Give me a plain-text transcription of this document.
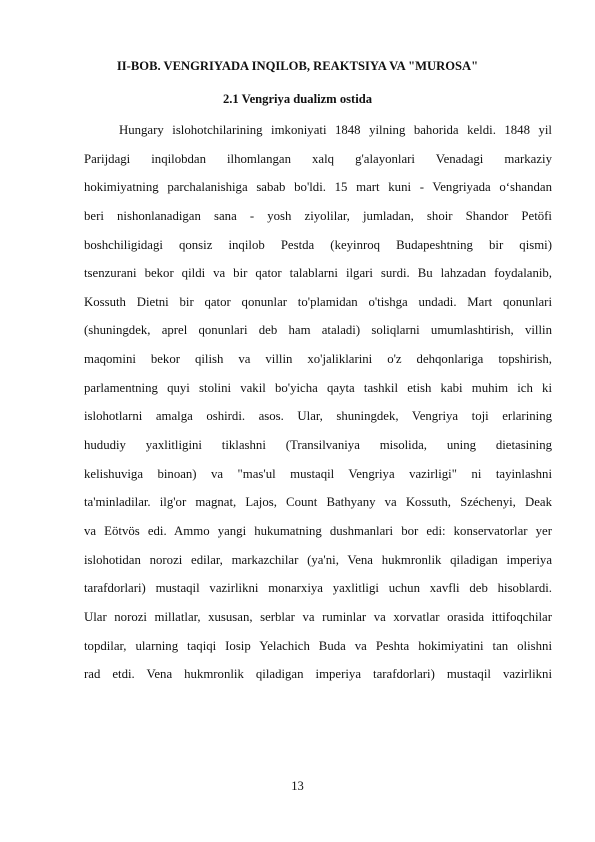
II-BOB. VENGRIYADA INQILOB, REAKTSIYA VA "MUROSA"
2.1 Vengriya dualizm ostida
Hungary islohotchilarining imkoniyati 1848 yilning bahorida keldi. 1848 yil
Parijdagi inqilobdan ilhomlangan xalq g'alayonlari Venadagi markaziy
hokimiyatning parchalanishiga sabab bo'ldi. 15 mart kuni - Vengriyada o‘shandan
beri nishonlanadigan sana - yosh ziyolilar, jumladan, shoir Shandor Petöfi
boshchiligidagi qonsiz inqilob Pestda (keyinroq Budapeshtning bir qismi)
tsenzurani bekor qildi va bir qator talablarni ilgari surdi. Bu lahzadan foydalanib,
Kossuth Dietni bir qator qonunlar to'plamidan o'tishga undadi. Mart qonunlari
(shuningdek, aprel qonunlari deb ham ataladi) soliqlarni umumlashtirish, villin
maqomini bekor qilish va villin xo'jaliklarini o'z dehqonlariga topshirish,
parlamentning quyi stolini vakil bo'yicha qayta tashkil etish kabi muhim ich ki
islohotlarni amalga oshirdi. asos. Ular, shuningdek, Vengriya toji erlarining
hududiy yaxlitligini tiklashni (Transilvaniya misolida, uning dietasining
kelishuviga binoan) va "mas'ul mustaqil Vengriya vazirligi" ni tayinlashni
ta'minladilar. ilg'or magnat, Lajos, Count Bathyany va Kossuth, Széchenyi, Deak
va Eötvös edi. Ammo yangi hukumatning dushmanlari bor edi: konservatorlar yer
islohotidan norozi edilar, markazchilar (ya'ni, Vena hukmronlik qiladigan imperiya
tarafdorlari) mustaqil vazirlikni monarxiya yaxlitligi uchun xavfli deb hisoblardi.
Ular norozi millatlar, xususan, serblar va ruminlar va xorvatlar orasida ittifoqchilar
topdilar, ularning taqiqi Iosip Yelachich Buda va Peshta hokimiyatini tan olishni
rad etdi. Vena hukmronlik qiladigan imperiya tarafdorlari) mustaqil vazirlikni
13
